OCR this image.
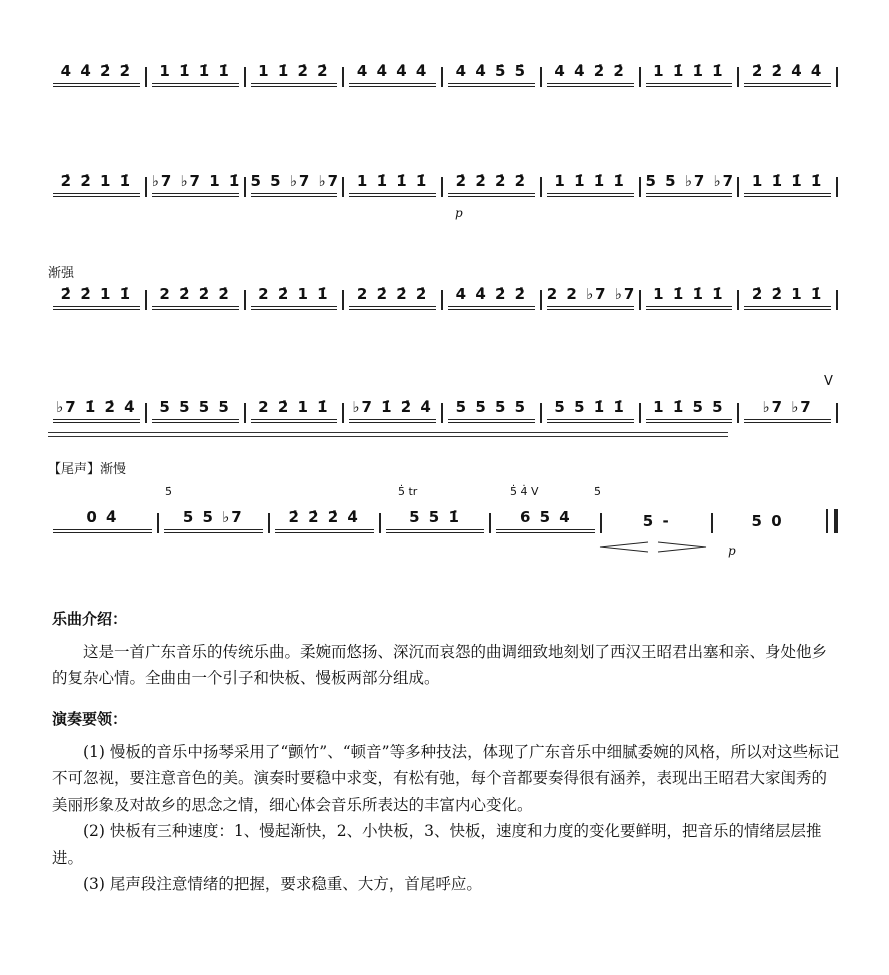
4 4̇ 2̇ 2̇	1 1̇ 1̇ 1̇	1 1̇ 2̇ 2̇	4 4̇ 4̇ 4̇	4 4̇ 5̇ 5̇	4 4̇ 2̇ 2̇	1 1̇ 1̇ 1̇	2̇ 2̇ 4̇ 4̇
2̇ 2̇ 1 1̇	♭7 ♭7 1 1̇ 5 5 ♭7 ♭7	1 1̇ 1̇ 1̇	2̇ 2̇ 2̇ 2̇	1 1̇ 1̇ 1̇	5 5 ♭7 ♭7	1 1̇ 1̇ 1̇
p
渐强
2̇ 2̇ 1 1̇	2 2̇ 2̇ 2̇	2 2̇ 1 1̇	2 2̇ 2̇ 2̇	4 4̇ 2̇ 2̇	2 2 ♭7 ♭7	1 1̇ 1̇ 1̇	2̇ 2̇ 1 1̇
V
♭7 1̇ 2̇ 4̇	5 5 5 5	2 2̇ 1 1̇	♭7 1̇ 2̇ 4̇	5 5 5 5	5 5 1̇ 1̇	1 1̇ 5 5	♭7 ♭7
【尾声】渐慢
5̇	5̇ tr	5̇ 4̇ V	5̇
0 4̇	5 5 ♭7	2̇ 2̇ 2̇ 4̇	5 5 1̇	6 5 4	5 -	5 0
p
乐曲介绍：

这是一首广东音乐的传统乐曲。柔婉而悠扬、深沉而哀怨的曲调细致地刻划了西汉王昭君出塞和亲、身处他乡的复杂心情。全曲由一个引子和快板、慢板两部分组成。

演奏要领：

(1) 慢板的音乐中扬琴采用了“颤竹”、“顿音”等多种技法，体现了广东音乐中细腻委婉的风格，所以对这些标记不可忽视，要注意音色的美。演奏时要稳中求变，有松有弛，每个音都要奏得很有涵养，表现出王昭君大家闺秀的美丽形象及对故乡的思念之情，细心体会音乐所表达的丰富内心变化。

(2) 快板有三种速度：1、慢起渐快，2、小快板，3、快板，速度和力度的变化要鲜明，把音乐的情绪层层推进。

(3) 尾声段注意情绪的把握，要求稳重、大方，首尾呼应。
